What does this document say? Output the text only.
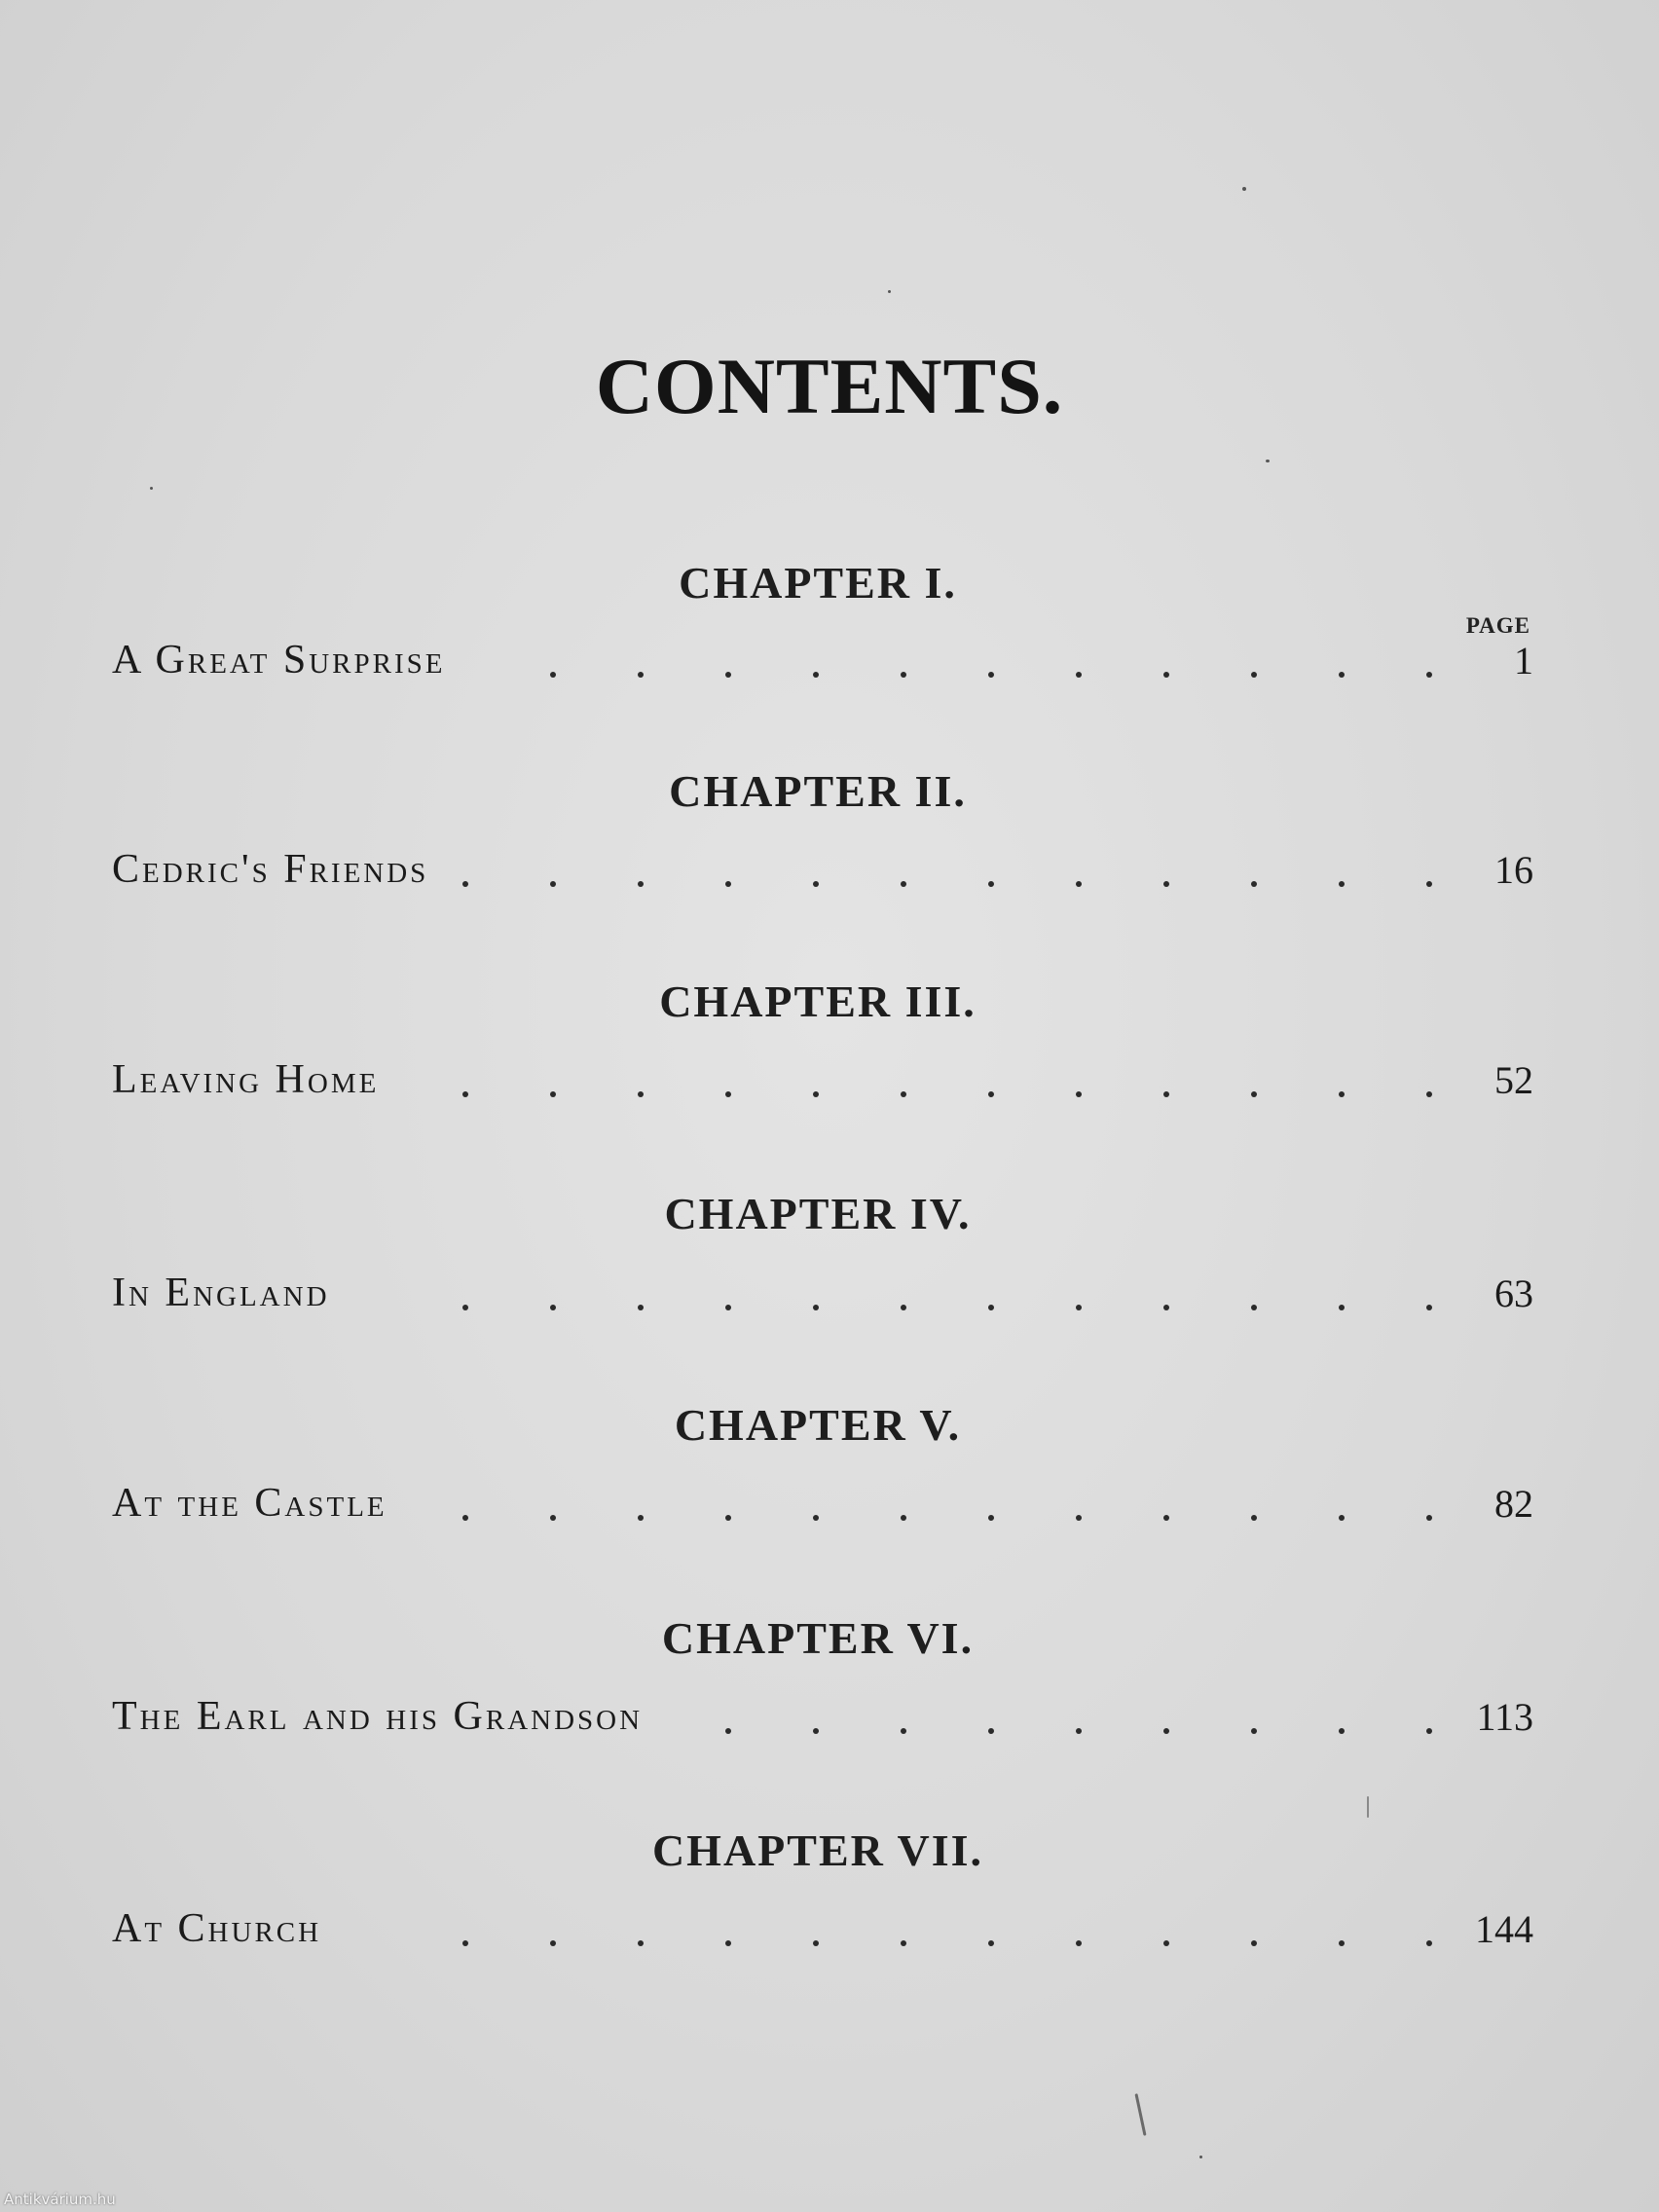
CONTENTS.
PAGE
CHAPTER I.
A Great Surprise	1
CHAPTER II.
Cedric's Friends	16
CHAPTER III.
Leaving Home	52
CHAPTER IV.
In England	63
CHAPTER V.
At the Castle	82
CHAPTER VI.
The Earl and his Grandson	113
CHAPTER VII.
At Church	144
Antikvárium.hu
